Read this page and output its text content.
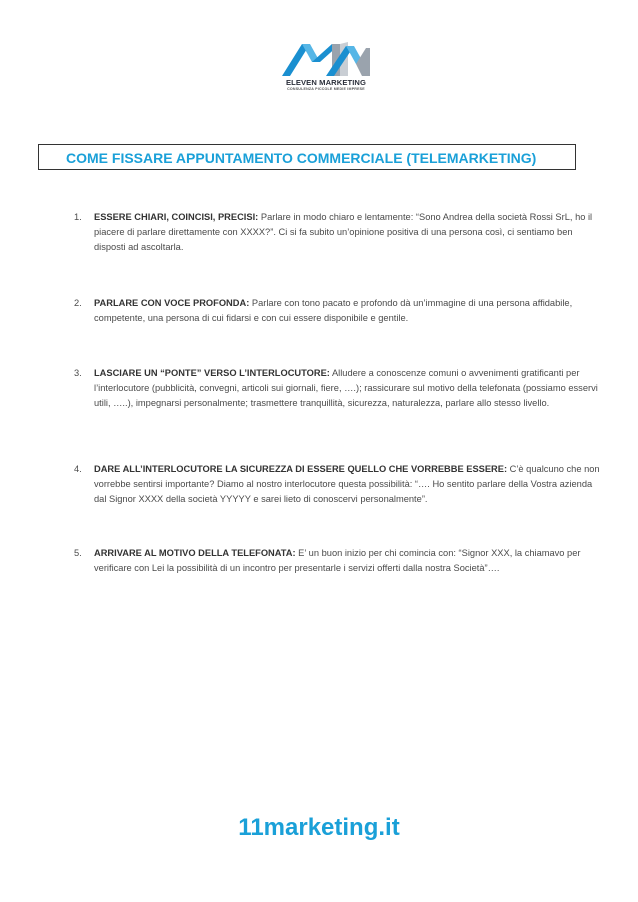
ELEVEN MARKETING
CONSULENZA PICCOLE MEDIE IMPRESE
COME FISSARE APPUNTAMENTO COMMERCIALE (TELEMARKETING)
1. ESSERE CHIARI, COINCISI, PRECISI: Parlare in modo chiaro e lentamente: “Sono Andrea della società Rossi SrL, ho il piacere di parlare direttamente con XXXX?”. Ci si fa subito un’opinione positiva di una persona così, ci sentiamo ben disposti ad ascoltarla.
2. PARLARE CON VOCE PROFONDA: Parlare con tono pacato e profondo dà un’immagine di una persona affidabile, competente, una persona di cui fidarsi e con cui essere disponibile e gentile.
3. LASCIARE UN “PONTE” VERSO L’INTERLOCUTORE: Alludere a conoscenze comuni o avvenimenti gratificanti per l’interlocutore (pubblicità, convegni, articoli sui giornali, fiere, ….); rassicurare sul motivo della telefonata (possiamo esservi utili, …..), impegnarsi personalmente; trasmettere tranquillità, sicurezza, naturalezza, parlare allo stesso livello.
4. DARE ALL’INTERLOCUTORE LA SICUREZZA DI ESSERE QUELLO CHE VORREBBE ESSERE: C’è qualcuno che non vorrebbe sentirsi importante? Diamo al nostro interlocutore questa possibilità: “…. Ho sentito parlare della Vostra azienda dal Signor XXXX della società YYYYY e sarei lieto di conoscervi personalmente”.
5. ARRIVARE AL MOTIVO DELLA TELEFONATA: E’ un buon inizio per chi comincia con: “Signor XXX, la chiamavo per verificare con Lei la possibilità di un incontro per presentarle i servizi offerti dalla nostra Società”….
11marketing.it
